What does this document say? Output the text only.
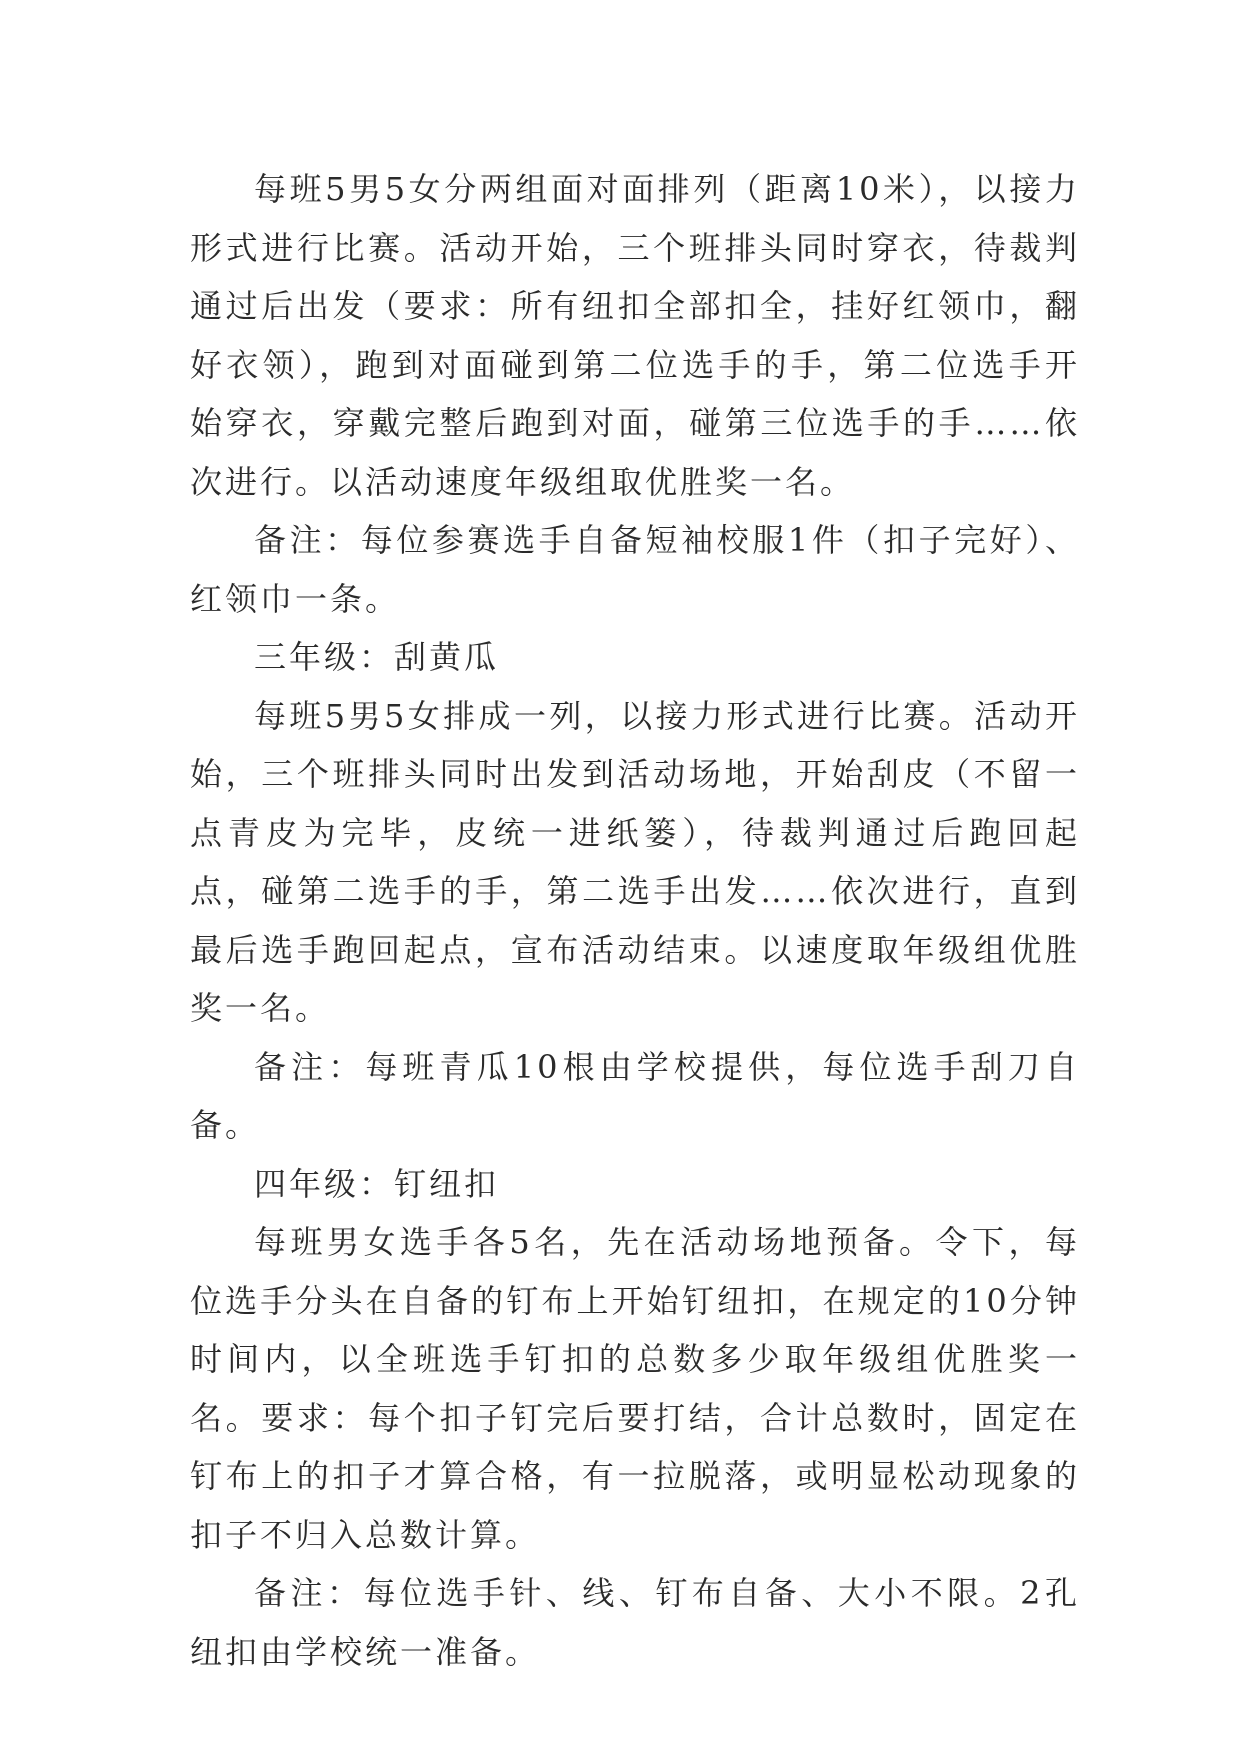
每班5男5女分两组面对面排列（距离10米），以接力形式进行比赛。活动开始，三个班排头同时穿衣，待裁判通过后出发（要求：所有纽扣全部扣全，挂好红领巾，翻好衣领），跑到对面碰到第二位选手的手，第二位选手开始穿衣，穿戴完整后跑到对面，碰第三位选手的手……依次进行。以活动速度年级组取优胜奖一名。

备注：每位参赛选手自备短袖校服1件（扣子完好）、红领巾一条。

三年级：刮黄瓜

每班5男5女排成一列，以接力形式进行比赛。活动开始，三个班排头同时出发到活动场地，开始刮皮（不留一点青皮为完毕，皮统一进纸篓），待裁判通过后跑回起点，碰第二选手的手，第二选手出发……依次进行，直到最后选手跑回起点，宣布活动结束。以速度取年级组优胜奖一名。

备注：每班青瓜10根由学校提供，每位选手刮刀自备。

四年级：钉纽扣

每班男女选手各5名，先在活动场地预备。令下，每位选手分头在自备的钉布上开始钉纽扣，在规定的10分钟时间内，以全班选手钉扣的总数多少取年级组优胜奖一名。要求：每个扣子钉完后要打结，合计总数时，固定在钉布上的扣子才算合格，有一拉脱落，或明显松动现象的扣子不归入总数计算。

备注：每位选手针、线、钉布自备、大小不限。2孔纽扣由学校统一准备。
